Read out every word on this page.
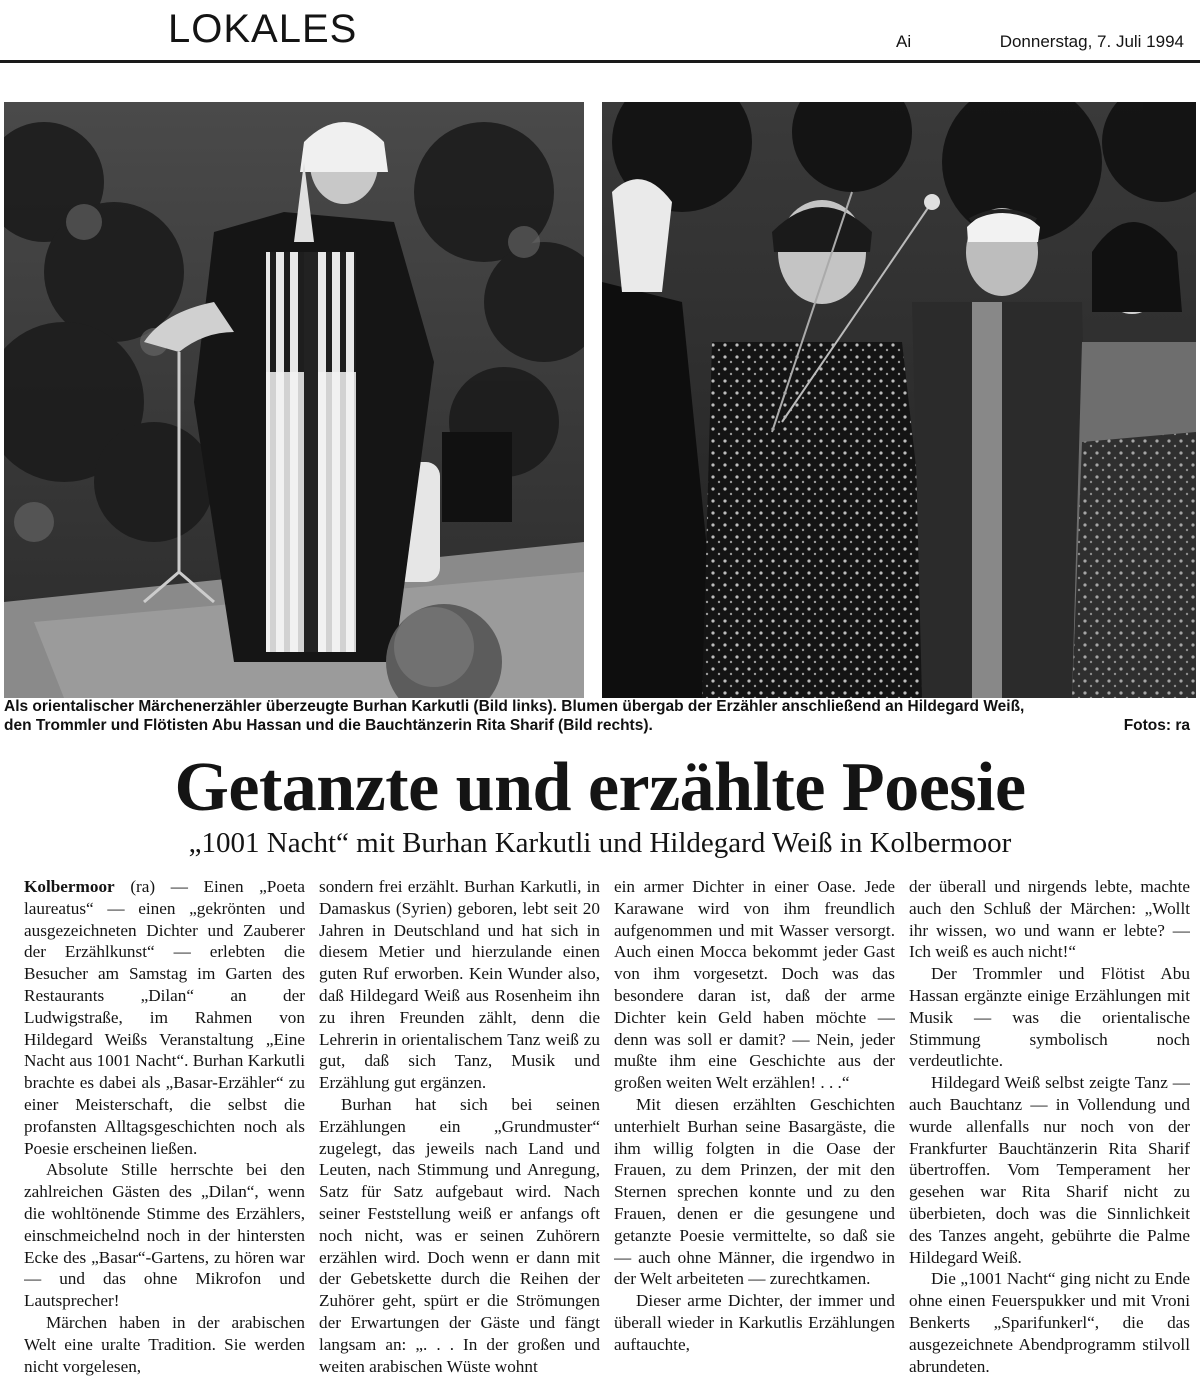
LOKALES	Ai	Donnerstag, 7. Juli 1994
Als orientalischer Märchenerzähler überzeugte Burhan Karkutli (Bild links). Blumen übergab der Erzähler anschließend an Hildegard Weiß,
den Trommler und Flötisten Abu Hassan und die Bauchtänzerin Rita Sharif (Bild rechts).	Fotos: ra
Getanzte und erzählte Poesie
„1001 Nacht“ mit Burhan Karkutli und Hildegard Weiß in Kolbermoor

Kolbermoor (ra) — Einen „Poeta laureatus“ — einen „gekrönten und ausgezeichneten Dichter und Zauberer der Erzählkunst“ — erlebten die Besucher am Samstag im Garten des Restaurants „Dilan“ an der Ludwigstraße, im Rahmen von Hildegard Weißs Veranstaltung „Eine Nacht aus 1001 Nacht“. Burhan Karkutli brachte es dabei als „Basar-Erzähler“ zu einer Meisterschaft, die selbst die profansten Alltagsgeschichten noch als Poesie erscheinen ließen.

Absolute Stille herrschte bei den zahlreichen Gästen des „Dilan“, wenn die wohltönende Stimme des Erzählers, einschmeichelnd noch in der hintersten Ecke des „Basar“-Gartens, zu hören war — und das ohne Mikrofon und Lautsprecher!

Märchen haben in der arabischen Welt eine uralte Tradition. Sie werden nicht vorgelesen,

sondern frei erzählt. Burhan Karkutli, in Damaskus (Syrien) geboren, lebt seit 20 Jahren in Deutschland und hat sich in diesem Metier und hierzulande einen guten Ruf erworben. Kein Wunder also, daß Hildegard Weiß aus Rosenheim ihn zu ihren Freunden zählt, denn die Lehrerin in orientalischem Tanz weiß zu gut, daß sich Tanz, Musik und Erzählung gut ergänzen.

Burhan hat sich bei seinen Erzählungen ein „Grundmuster“ zugelegt, das jeweils nach Land und Leuten, nach Stimmung und Anregung, Satz für Satz aufgebaut wird. Nach seiner Feststellung weiß er anfangs oft noch nicht, was er seinen Zuhörern erzählen wird. Doch wenn er dann mit der Gebetskette durch die Reihen der Zuhörer geht, spürt er die Strömungen der Erwartungen der Gäste und fängt langsam an: „. . . In der großen und weiten arabischen Wüste wohnt

ein armer Dichter in einer Oase. Jede Karawane wird von ihm freundlich aufgenommen und mit Wasser versorgt. Auch einen Mocca bekommt jeder Gast von ihm vorgesetzt. Doch was das besondere daran ist, daß der arme Dichter kein Geld haben möchte — denn was soll er damit? — Nein, jeder mußte ihm eine Geschichte aus der großen weiten Welt erzählen! . . .“

Mit diesen erzählten Geschichten unterhielt Burhan seine Basargäste, die ihm willig folgten in die Oase der Frauen, zu dem Prinzen, der mit den Sternen sprechen konnte und zu den Frauen, denen er die gesungene und getanzte Poesie vermittelte, so daß sie — auch ohne Männer, die irgendwo in der Welt arbeiteten — zurechtkamen.

Dieser arme Dichter, der immer und überall wieder in Karkutlis Erzählungen auftauchte,

der überall und nirgends lebte, machte auch den Schluß der Märchen: „Wollt ihr wissen, wo und wann er lebte? — Ich weiß es auch nicht!“

Der Trommler und Flötist Abu Hassan ergänzte einige Erzählungen mit Musik — was die orientalische Stimmung symbolisch noch verdeutlichte.

Hildegard Weiß selbst zeigte Tanz — auch Bauchtanz — in Vollendung und wurde allenfalls nur noch von der Frankfurter Bauchtänzerin Rita Sharif übertroffen. Vom Temperament her gesehen war Rita Sharif nicht zu überbieten, doch was die Sinnlichkeit des Tanzes angeht, gebührte die Palme Hildegard Weiß.

Die „1001 Nacht“ ging nicht zu Ende ohne einen Feuerspukker und mit Vroni Benkerts „Sparifunkerl“, die das ausgezeichnete Abendprogramm stilvoll abrundeten.
